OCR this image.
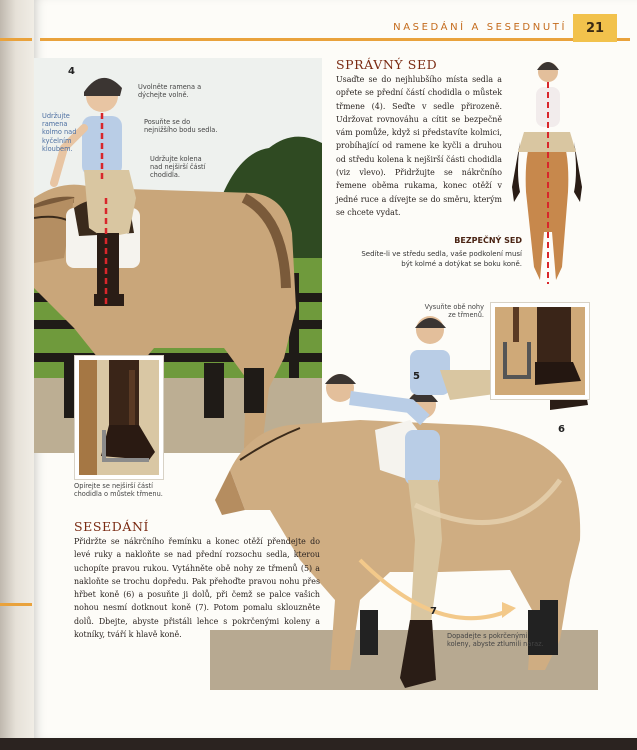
NASEDÁNÍ A SESEDNUTÍ	21
4
Uvolněte ramena a dýchejte volně.
Posuňte se do nejnižšího bodu sedla.
Udržujte kolena nad nejširší částí chodidla.
Udržujte ramena kolmo nad kyčelním kloubem.
Opírejte se nejširší částí chodidla o můstek třmenu.
SPRÁVNÝ SED
Usaďte se do nejhlubšího místa sedla a opřete se přední částí chodidla o můstek třmene (4). Seďte v sedle přirozeně. Udržovat rovnováhu a cítit se bezpečně vám pomůže, když si představíte kolmici, probíhající od ramene ke kyčli a druhou od středu kolena k nejširší části chodidla (viz vlevo). Přidržujte se nákrčního řemene oběma rukama, konec otěží v jedné ruce a dívejte se do směru, kterým se chcete vydat.
BEZPEČNÝ SED
Sedíte-li ve středu sedla, vaše podkolení musí být kolmé a dotýkat se boku koně.
Vysuňte obě nohy ze třmenů.
5
6
7
Dopadejte s pokrčenými koleny, abyste ztlumili náraz.
SESEDÁNÍ
Přidržte se nákrčního řemínku a konec otěží přendejte do levé ruky a nakloňte se nad přední rozsochu sedla, kterou uchopíte pravou rukou. Vytáhněte obě nohy ze třmenů (5) a nakloňte se trochu dopředu. Pak přehoďte pravou nohu přes hřbet koně (6) a posuňte ji dolů, při čemž se palce vašich nohou nesmí dotknout koně (7). Potom pomalu sklouzněte dolů. Dbejte, abyste přistáli lehce s pokrčenými koleny a kotníky, tváří k hlavě koně.
